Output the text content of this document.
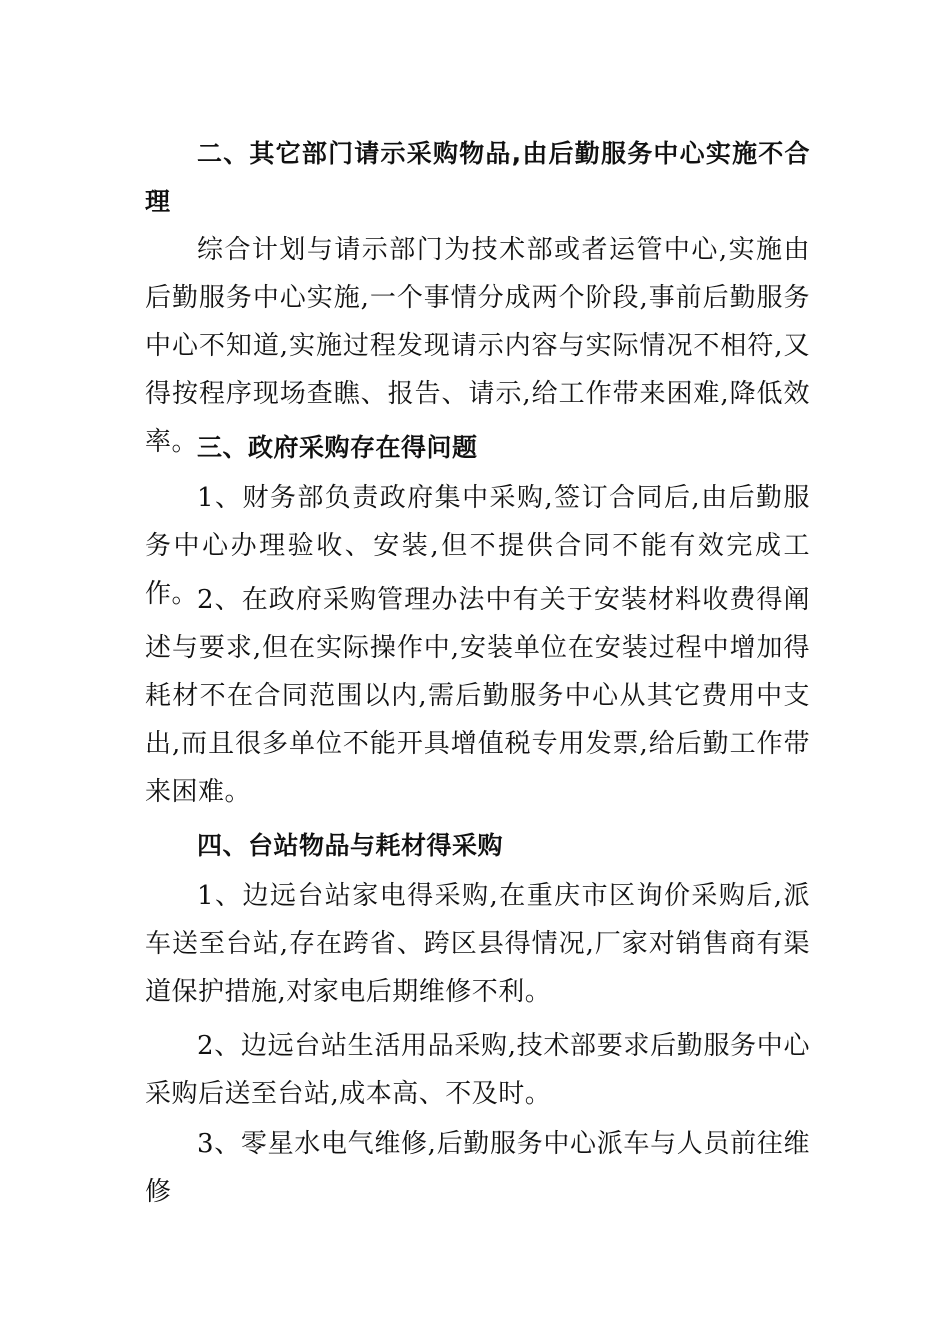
二、其它部门请示采购物品,由后勤服务中心实施不合理

综合计划与请示部门为技术部或者运管中心,实施由后勤服务中心实施,一个事情分成两个阶段,事前后勤服务中心不知道,实施过程发现请示内容与实际情况不相符,又得按程序现场查瞧、报告、请示,给工作带来困难,降低效率。

三、政府采购存在得问题

1、财务部负责政府集中采购,签订合同后,由后勤服务中心办理验收、安装,但不提供合同不能有效完成工作。

2、在政府采购管理办法中有关于安装材料收费得阐述与要求,但在实际操作中,安装单位在安装过程中增加得耗材不在合同范围以内,需后勤服务中心从其它费用中支出,而且很多单位不能开具增值税专用发票,给后勤工作带来困难。

四、台站物品与耗材得采购

1、边远台站家电得采购,在重庆市区询价采购后,派车送至台站,存在跨省、跨区县得情况,厂家对销售商有渠道保护措施,对家电后期维修不利。

2、边远台站生活用品采购,技术部要求后勤服务中心采购后送至台站,成本高、不及时。

3、零星水电气维修,后勤服务中心派车与人员前往维修
